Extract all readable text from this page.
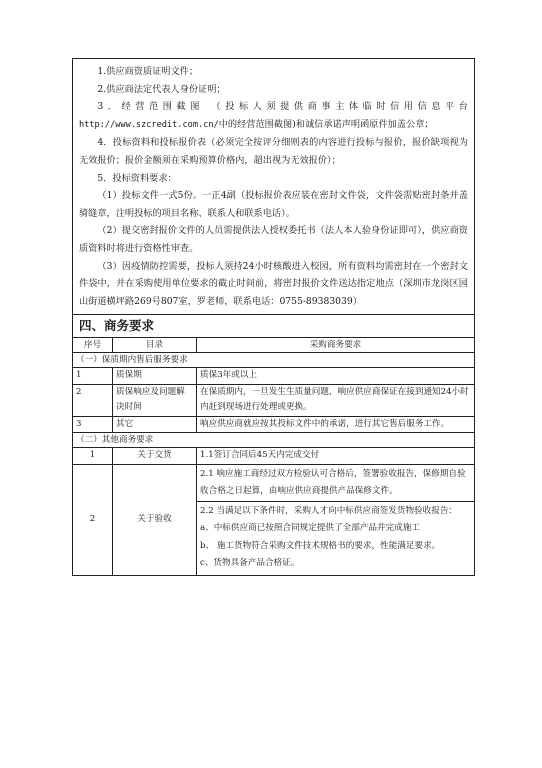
1.供应商资质证明文件；

2.供应商法定代表人身份证明；

3．经营范围截图 （投标人须提供商事主体临时信用信息平台http://www.szcredit.com.cn/中的经营范围截图)和诚信承诺声明函原件加盖公章；

4．投标资料和投标报价表（必须完全按评分细则表的内容进行投标与报价，报价缺项视为无效报价；报价金额须在采购预算价格内，超出视为无效报价）；

5．投标资料要求：

（1）投标文件一式5份。一正4副（投标报价表应装在密封文件袋，文件袋需贴密封条并盖骑缝章，注明投标的项目名称、联系人和联系电话）。

（2）提交密封报价文件的人员需提供法人授权委托书（法人本人验身份证即可），供应商资质资料时将进行资格性审查。

（3）因疫情防控需要，投标人须持24小时核酸进入校园，所有资料均需密封在一个密封文件袋中，并在采购使用单位要求的截止时间前，将密封报价文件送达指定地点（深圳市龙岗区园山街道横坪路269号807室，罗老师，联系电话：0755-89383039）

四、商务要求
序号	目录	采购商务要求
（一）保质期内售后服务要求		
1	质保期	质保3年或以上
2	质保响应及问题解决时间	在保质期内，一旦发生生质量问题，响应供应商保证在接到通知24小时内赶到现场进行处理或更换。
3	其它	响应供应商就应按其投标文件中的承诺，进行其它售后服务工作。
（二）其他商务要求		
1	关于交货	1.1签订合同后45天内完成交付
2	关于验收	2.1 响应施工商经过双方检验认可合格后，签署验收报告，保修期自验收合格之日起算，由响应供应商提供产品保修文件。

		2.2 当满足以下条件时，采购人才向中标供应商签发货物验收报告：
a、中标供应商已按照合同规定提供了全部产品并完成施工
b、 施工货物符合采购文件技术规格书的要求，性能满足要求。
c、货物具备产品合格证。
